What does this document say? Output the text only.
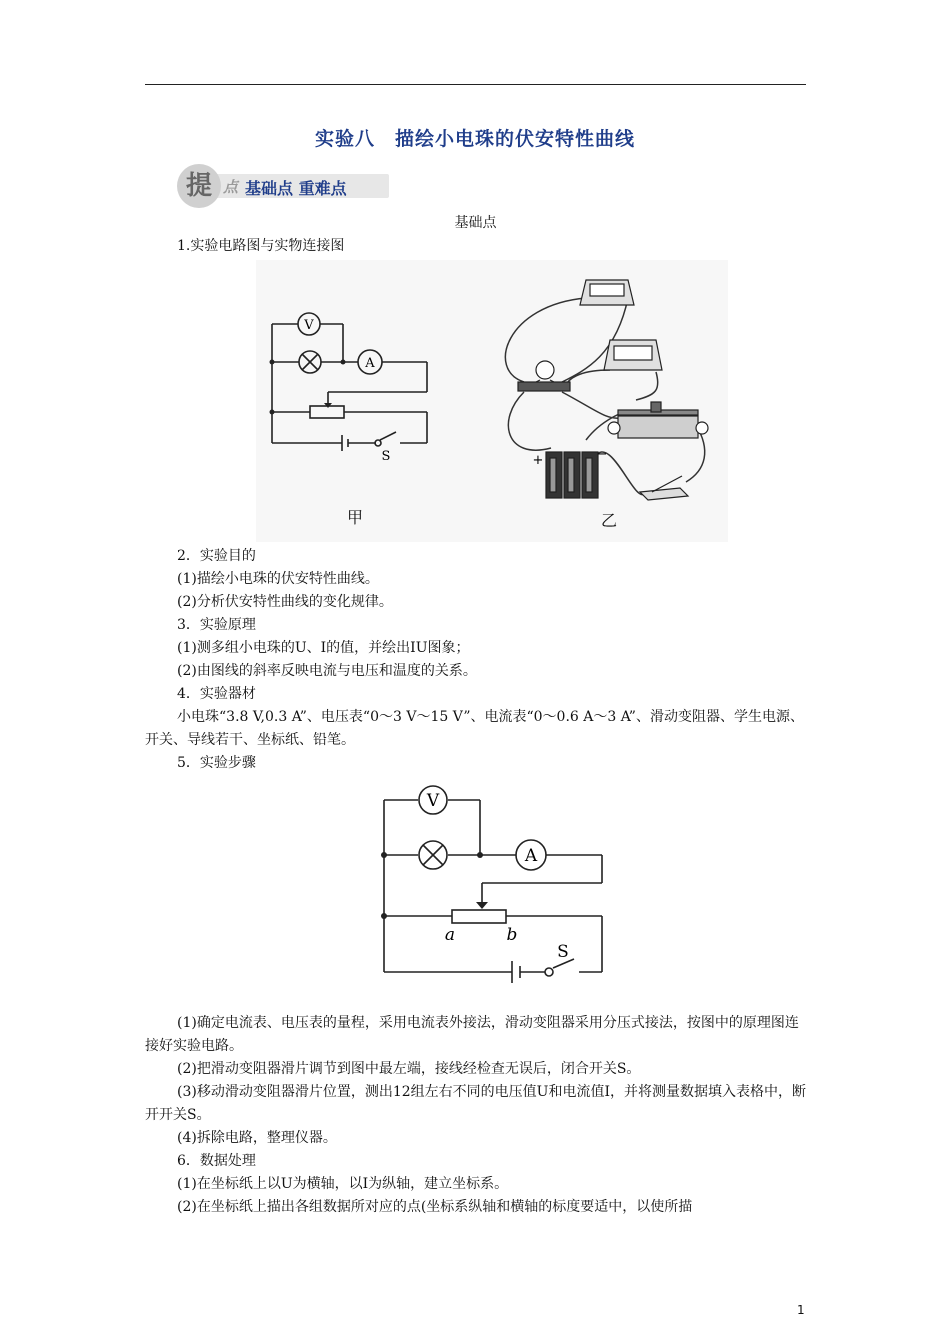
实验八　描绘小电珠的伏安特性曲线
提 点 基础点 重难点
基础点
1.实验电路图与实物连接图
V
A
S	+	−
甲	乙
2．实验目的
(1)描绘小电珠的伏安特性曲线。
(2)分析伏安特性曲线的变化规律。
3．实验原理
(1)测多组小电珠的U、I的值，并绘出IU图象；
(2)由图线的斜率反映电流与电压和温度的关系。
4．实验器材
小电珠“3.8 V,0.3 A”、电压表“0～3 V～15 V”、电流表“0～0.6 A～3 A”、滑动变阻器、学生电源、开关、导线若干、坐标纸、铅笔。
5．实验步骤
V
A
a	b
S
(1)确定电流表、电压表的量程，采用电流表外接法，滑动变阻器采用分压式接法，按图中的原理图连接好实验电路。
(2)把滑动变阻器滑片调节到图中最左端，接线经检查无误后，闭合开关S。
(3)移动滑动变阻器滑片位置，测出12组左右不同的电压值U和电流值I，并将测量数据填入表格中，断开开关S。
(4)拆除电路，整理仪器。
6．数据处理
(1)在坐标纸上以U为横轴，以I为纵轴，建立坐标系。
(2)在坐标纸上描出各组数据所对应的点(坐标系纵轴和横轴的标度要适中，以使所描
1
